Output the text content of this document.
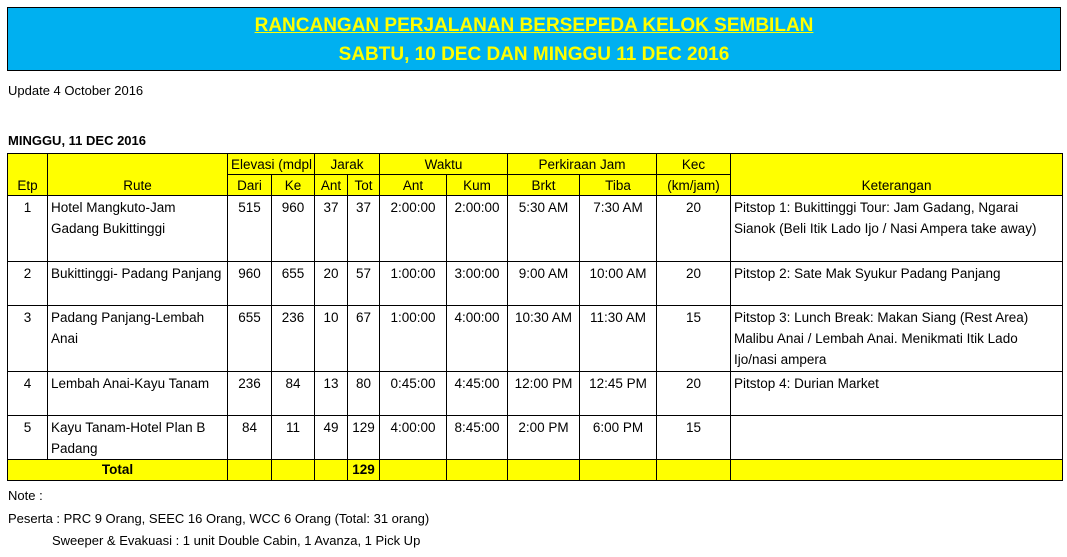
RANCANGAN PERJALANAN BERSEPEDA KELOK SEMBILAN
SABTU, 10 DEC DAN MINGGU 11 DEC 2016
Update 4 October 2016
MINGGU, 11 DEC 2016
Etp	Rute	Elevasi (mdpl		Jarak		Waktu		Perkiraan Jam		Kec	Keterangan
		Dari	Ke	Ant	Tot	Ant	Kum	Brkt	Tiba	(km/jam)	
1	Hotel Mangkuto-Jam Gadang Bukittinggi	515	960	37	37	2:00:00	2:00:00	5:30 AM	7:30 AM	20	Pitstop 1: Bukittinggi Tour: Jam Gadang, Ngarai Sianok (Beli Itik Lado Ijo / Nasi Ampera take away)
2	Bukittinggi- Padang Panjang	960	655	20	57	1:00:00	3:00:00	9:00 AM	10:00 AM	20	Pitstop 2: Sate Mak Syukur Padang Panjang
3	Padang Panjang-Lembah Anai	655	236	10	67	1:00:00	4:00:00	10:30 AM	11:30 AM	15	Pitstop 3: Lunch Break: Makan Siang (Rest Area) Malibu Anai / Lembah Anai. Menikmati Itik Lado Ijo/nasi ampera
4	Lembah Anai-Kayu Tanam	236	84	13	80	0:45:00	4:45:00	12:00 PM	12:45 PM	20	Pitstop 4: Durian Market
5	Kayu Tanam-Hotel Plan B Padang	84	11	49	129	4:00:00	8:45:00	2:00 PM	6:00 PM	15	
Total					129						
Note :
Peserta : PRC 9 Orang, SEEC 16 Orang, WCC 6 Orang (Total: 31 orang)
Sweeper & Evakuasi : 1 unit Double Cabin, 1 Avanza, 1 Pick Up
